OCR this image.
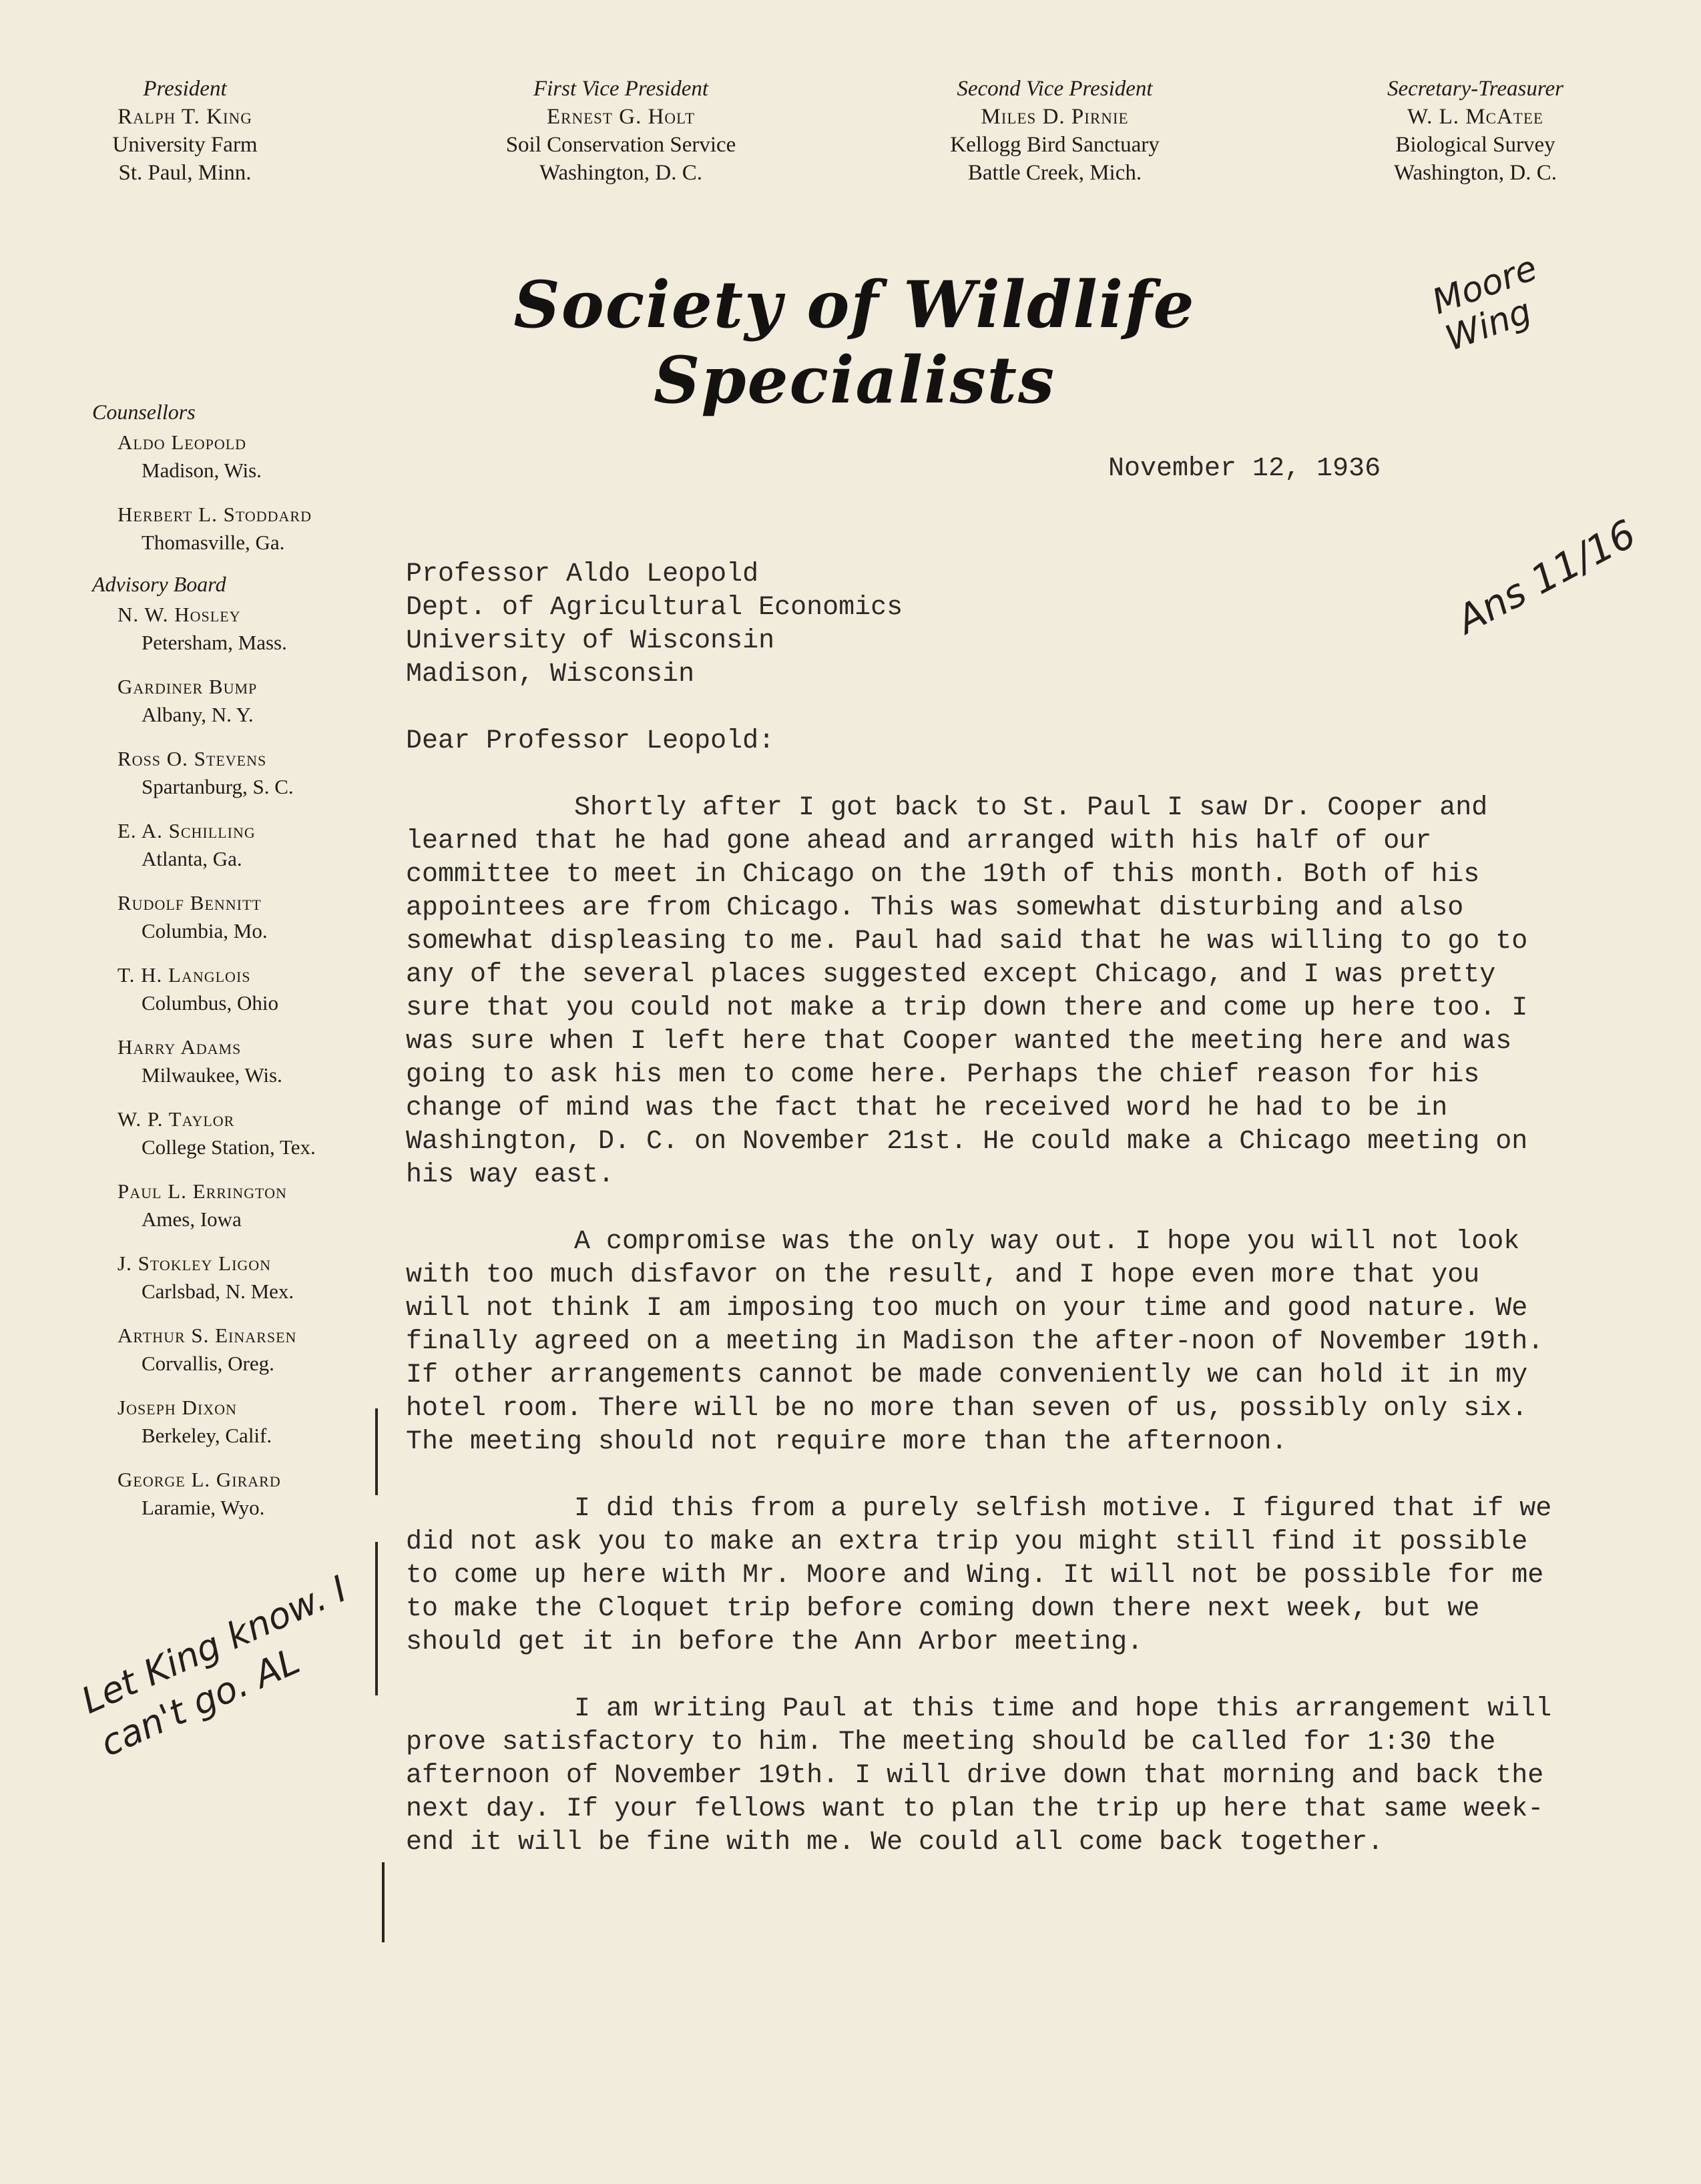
President
Ralph T. King
University Farm
St. Paul, Minn.
First Vice President
Ernest G. Holt
Soil Conservation Service
Washington, D. C.
Second Vice President
Miles D. Pirnie
Kellogg Bird Sanctuary
Battle Creek, Mich.
Secretary-Treasurer
W. L. McAtee
Biological Survey
Washington, D. C.
Society of Wildlife Specialists
Counsellors
Aldo Leopold
Madison, Wis.
Herbert L. Stoddard
Thomasville, Ga.
Advisory Board
N. W. Hosley
Petersham, Mass.
Gardiner Bump
Albany, N. Y.
Ross O. Stevens
Spartanburg, S. C.
E. A. Schilling
Atlanta, Ga.
Rudolf Bennitt
Columbia, Mo.
T. H. Langlois
Columbus, Ohio
Harry Adams
Milwaukee, Wis.
W. P. Taylor
College Station, Tex.
Paul L. Errington
Ames, Iowa
J. Stokley Ligon
Carlsbad, N. Mex.
Arthur S. Einarsen
Corvallis, Oreg.
Joseph Dixon
Berkeley, Calif.
George L. Girard
Laramie, Wyo.
November 12, 1936
Professor Aldo Leopold
Dept. of Agricultural Economics
University of Wisconsin
Madison, Wisconsin
Dear Professor Leopold:

Shortly after I got back to St. Paul I saw Dr. Cooper and learned that he had gone ahead and arranged with his half of our committee to meet in Chicago on the 19th of this month. Both of his appointees are from Chicago. This was somewhat disturbing and also somewhat displeasing to me. Paul had said that he was willing to go to any of the several places suggested except Chicago, and I was pretty sure that you could not make a trip down there and come up here too. I was sure when I left here that Cooper wanted the meeting here and was going to ask his men to come here. Perhaps the chief reason for his change of mind was the fact that he received word he had to be in Washington, D. C. on November 21st. He could make a Chicago meeting on his way east.

A compromise was the only way out. I hope you will not look with too much disfavor on the result, and I hope even more that you will not think I am imposing too much on your time and good nature. We finally agreed on a meeting in Madison the after-noon of November 19th. If other arrangements cannot be made conveniently we can hold it in my hotel room. There will be no more than seven of us, possibly only six. The meeting should not require more than the afternoon.

I did this from a purely selfish motive. I figured that if we did not ask you to make an extra trip you might still find it possible to come up here with Mr. Moore and Wing. It will not be possible for me to make the Cloquet trip before coming down there next week, but we should get it in before the Ann Arbor meeting.

I am writing Paul at this time and hope this arrangement will prove satisfactory to him. The meeting should be called for 1:30 the afternoon of November 19th. I will drive down that morning and back the next day. If your fellows want to plan the trip up here that same week-end it will be fine with me. We could all come back together.

Moore Wing
Ans 11/16
Let King know. I can't go. AL
